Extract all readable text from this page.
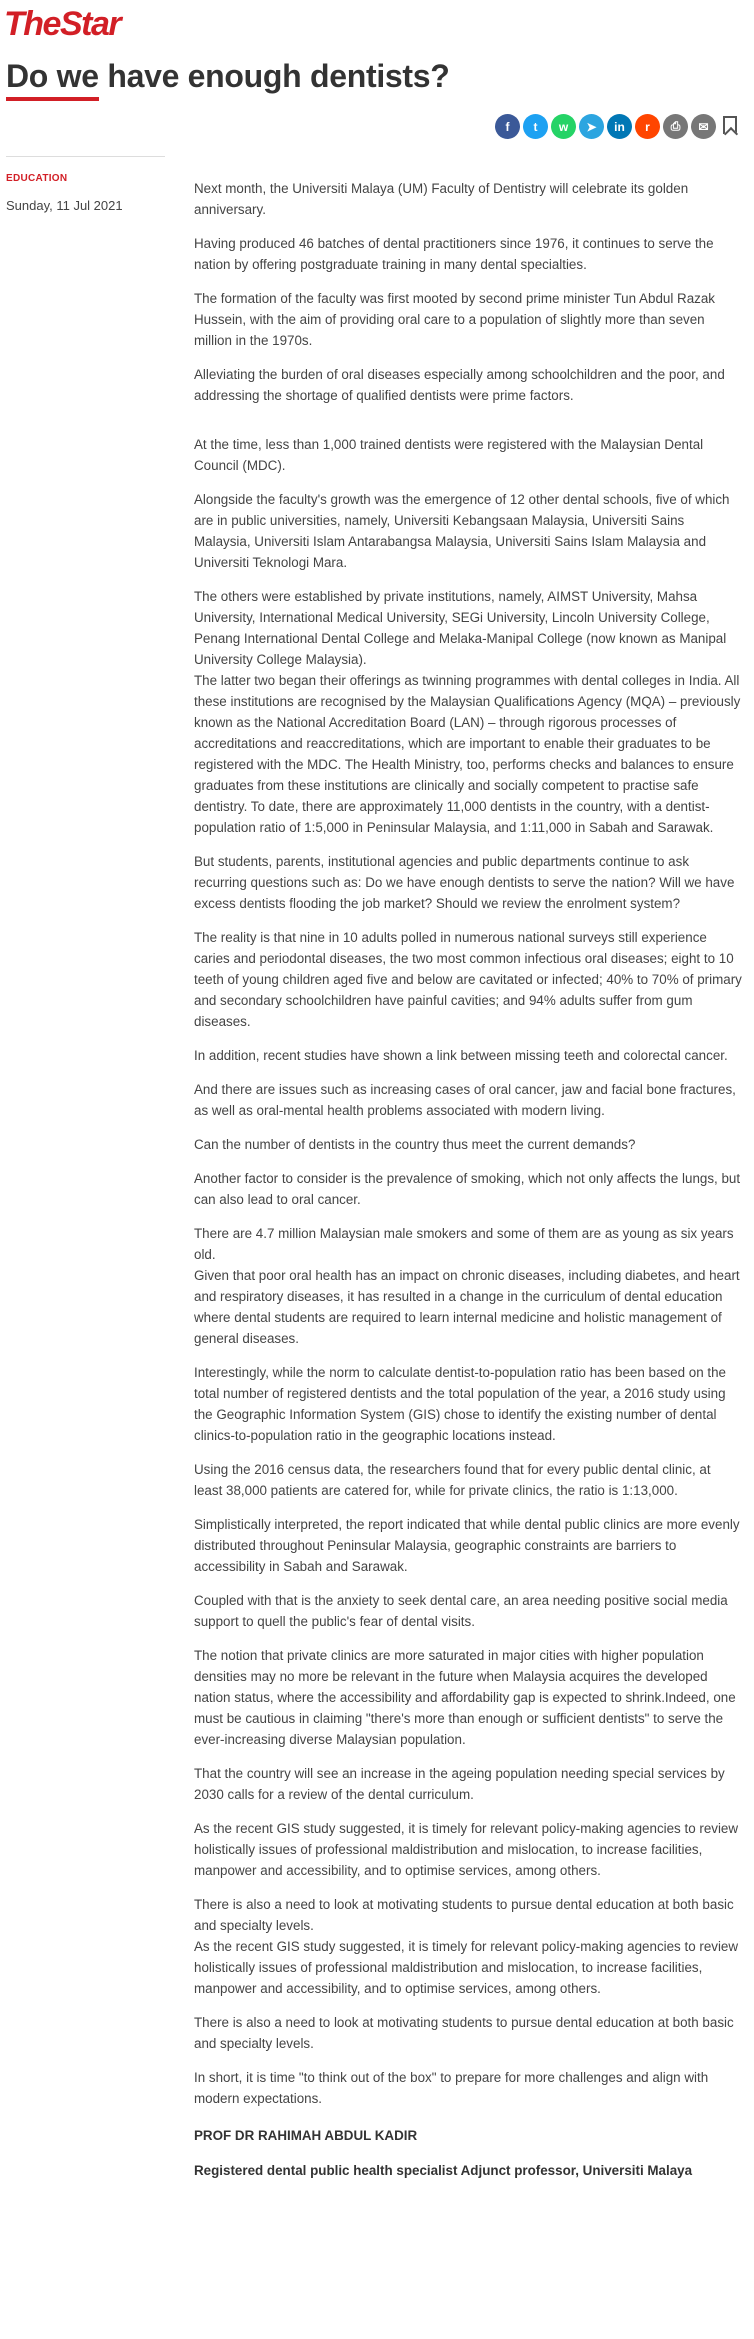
TheStar
Do we have enough dentists?
f	t	w	➤	in	r	⎙	✉
EDUCATION
Sunday, 11 Jul 2021

Next month, the Universiti Malaya (UM) Faculty of Dentistry will celebrate its golden anniversary.

Having produced 46 batches of dental practitioners since 1976, it continues to serve the nation by offering postgraduate training in many dental specialties.

The formation of the faculty was first mooted by second prime minister Tun Abdul Razak Hussein, with the aim of providing oral care to a population of slightly more than seven million in the 1970s.

Alleviating the burden of oral diseases especially among schoolchildren and the poor, and addressing the shortage of qualified dentists were prime factors.

At the time, less than 1,000 trained dentists were registered with the Malaysian Dental Council (MDC).

Alongside the faculty's growth was the emergence of 12 other dental schools, five of which are in public universities, namely, Universiti Kebangsaan Malaysia, Universiti Sains Malaysia, Universiti Islam Antarabangsa Malaysia, Universiti Sains Islam Malaysia and Universiti Teknologi Mara.

The others were established by private institutions, namely, AIMST University, Mahsa University, International Medical University, SEGi University, Lincoln University College, Penang International Dental College and Melaka-Manipal College (now known as Manipal University College Malaysia).

The latter two began their offerings as twinning programmes with dental colleges in India. All these institutions are recognised by the Malaysian Qualifications Agency (MQA) – previously known as the National Accreditation Board (LAN) – through rigorous processes of accreditations and reaccreditations, which are important to enable their graduates to be registered with the MDC. The Health Ministry, too, performs checks and balances to ensure graduates from these institutions are clinically and socially competent to practise safe dentistry. To date, there are approximately 11,000 dentists in the country, with a dentist-population ratio of 1:5,000 in Peninsular Malaysia, and 1:11,000 in Sabah and Sarawak.

But students, parents, institutional agencies and public departments continue to ask recurring questions such as: Do we have enough dentists to serve the nation? Will we have excess dentists flooding the job market? Should we review the enrolment system?

The reality is that nine in 10 adults polled in numerous national surveys still experience caries and periodontal diseases, the two most common infectious oral diseases; eight to 10 teeth of young children aged five and below are cavitated or infected; 40% to 70% of primary and secondary schoolchildren have painful cavities; and 94% adults suffer from gum diseases.

In addition, recent studies have shown a link between missing teeth and colorectal cancer.

And there are issues such as increasing cases of oral cancer, jaw and facial bone fractures, as well as oral-mental health problems associated with modern living.

Can the number of dentists in the country thus meet the current demands?

Another factor to consider is the prevalence of smoking, which not only affects the lungs, but can also lead to oral cancer.

There are 4.7 million Malaysian male smokers and some of them are as young as six years old.

Given that poor oral health has an impact on chronic diseases, including diabetes, and heart and respiratory diseases, it has resulted in a change in the curriculum of dental education where dental students are required to learn internal medicine and holistic management of general diseases.

Interestingly, while the norm to calculate dentist-to-population ratio has been based on the total number of registered dentists and the total population of the year, a 2016 study using the Geographic Information System (GIS) chose to identify the existing number of dental clinics-to-population ratio in the geographic locations instead.

Using the 2016 census data, the researchers found that for every public dental clinic, at least 38,000 patients are catered for, while for private clinics, the ratio is 1:13,000.

Simplistically interpreted, the report indicated that while dental public clinics are more evenly distributed throughout Peninsular Malaysia, geographic constraints are barriers to accessibility in Sabah and Sarawak.

Coupled with that is the anxiety to seek dental care, an area needing positive social media support to quell the public's fear of dental visits.

The notion that private clinics are more saturated in major cities with higher population densities may no more be relevant in the future when Malaysia acquires the developed nation status, where the accessibility and affordability gap is expected to shrink.Indeed, one must be cautious in claiming "there's more than enough or sufficient dentists" to serve the ever-increasing diverse Malaysian population.

That the country will see an increase in the ageing population needing special services by 2030 calls for a review of the dental curriculum.

As the recent GIS study suggested, it is timely for relevant policy-making agencies to review holistically issues of professional maldistribution and mislocation, to increase facilities, manpower and accessibility, and to optimise services, among others.

There is also a need to look at motivating students to pursue dental education at both basic and specialty levels.

As the recent GIS study suggested, it is timely for relevant policy-making agencies to review holistically issues of professional maldistribution and mislocation, to increase facilities, manpower and accessibility, and to optimise services, among others.

There is also a need to look at motivating students to pursue dental education at both basic and specialty levels.

In short, it is time "to think out of the box" to prepare for more challenges and align with modern expectations.

PROF DR RAHIMAH ABDUL KADIR

Registered dental public health specialist Adjunct professor, Universiti Malaya
